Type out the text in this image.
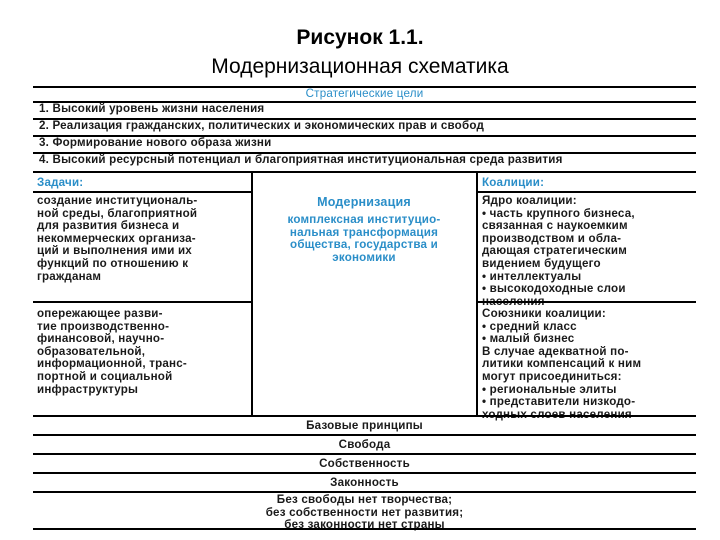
Рисунок 1.1.
Модернизационная схематика
Стратегические цели
1. Высокий уровень жизни населения
2. Реализация гражданских, политических и экономических прав и свобод
3. Формирование нового образа жизни
4. Высокий ресурсный потенциал и благоприятная институциональная среда развития
Задачи:
создание институциональ-
ной среды, благоприятной
для развития бизнеса и
некоммерческих организа-
ций и выполнения ими их
функций по отношению к
гражданам
опережающее разви-
тие производственно-
финансовой, научно-
образовательной,
информационной, транс-
портной и социальной
инфраструктуры
Модернизация
комплексная институцио-
нальная трансформация
общества, государства и
экономики
Коалиции:
Ядро коалиции:
• часть крупного бизнеса,
связанная с наукоемким
производством и обла-
дающая стратегическим
видением будущего
• интеллектуалы
• высокодоходные слои

Союзники коалиции:
• средний класс
• малый бизнес
В случае адекватной по-
литики компенсаций к ним
могут присоединиться:
• региональные элиты
• представители низкодо-
ходных слоев населения
Базовые принципы
Свобода
Собственность
Законность
Без свободы нет творчества;
без собственности нет развития;
без законности нет страны
